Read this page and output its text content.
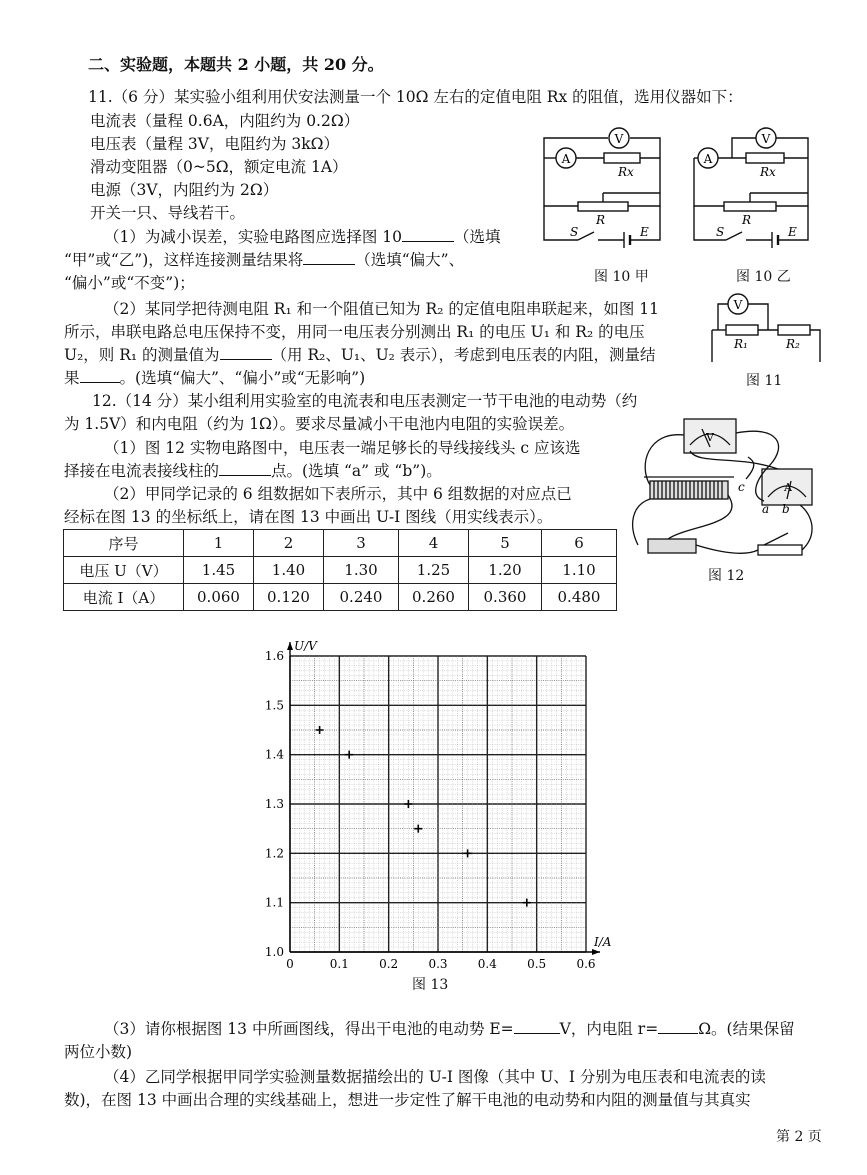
二、实验题，本题共 2 小题，共 20 分。
11.（6 分）某实验小组利用伏安法测量一个 10Ω 左右的定值电阻 Rx 的阻值，选用仪器如下：
电流表（量程 0.6A，内阻约为 0.2Ω）
电压表（量程 3V，电阻约为 3kΩ）
滑动变阻器（0~5Ω，额定电流 1A）
电源（3V，内阻约为 2Ω）
开关一只、导线若干。
（1）为减小误差，实验电路图应选择图 10	（选填
“甲”或“乙”)，这样连接测量结果将	（选填“偏大”、
“偏小”或“不变”)；
（2）某同学把待测电阻 R₁ 和一个阻值已知为 R₂ 的定值电阻串联起来，如图 11
所示，串联电路总电压保持不变，用同一电压表分别测出 R₁ 的电压 U₁ 和 R₂ 的电压
U₂，则 R₁ 的测量值为	（用 R₂、U₁、U₂ 表示），考虑到电压表的内阻，测量结
果	。(选填“偏大”、“偏小”或“无影响”)
12.（14 分）某小组利用实验室的电流表和电压表测定一节干电池的电动势（约
为 1.5V）和内电阻（约为 1Ω）。要求尽量减小干电池内电阻的实验误差。
（1）图 12 实物电路图中，电压表一端足够长的导线接线头 c 应该选
择接在电流表接线柱的	点。(选填 “a” 或 “b”)。
（2）甲同学记录的 6 组数据如下表所示，其中 6 组数据的对应点已
经标在图 13 的坐标纸上，请在图 13 中画出 U-I 图线（用实线表示）。
序号	1	2	3	4	5	6
电压 U（V）	1.45	1.40	1.30	1.25	1.20	1.10
电流 I（A）	0.060	0.120	0.240	0.260	0.360	0.480
V
A
Rx
R
S	E
图 10 甲
V
A
Rx
R
S	E
图 10 乙
V
R₁	R₂
图 11
V
A
a b
c
图 12
0	0.1	0.2	0.3	0.4	0.5	0.6
1.0
1.1
1.2
1.3
1.4
1.5
1.6
I/A
U/V
图 13
（3）请你根据图 13 中所画图线，得出干电池的电动势 E=	V，内电阻 r=	Ω。(结果保留
两位小数)
（4）乙同学根据甲同学实验测量数据描绘出的 U-I 图像（其中 U、I 分别为电压表和电流表的读
数)，在图 13 中画出合理的实线基础上，想进一步定性了解干电池的电动势和内阻的测量值与其真实
第 2 页
